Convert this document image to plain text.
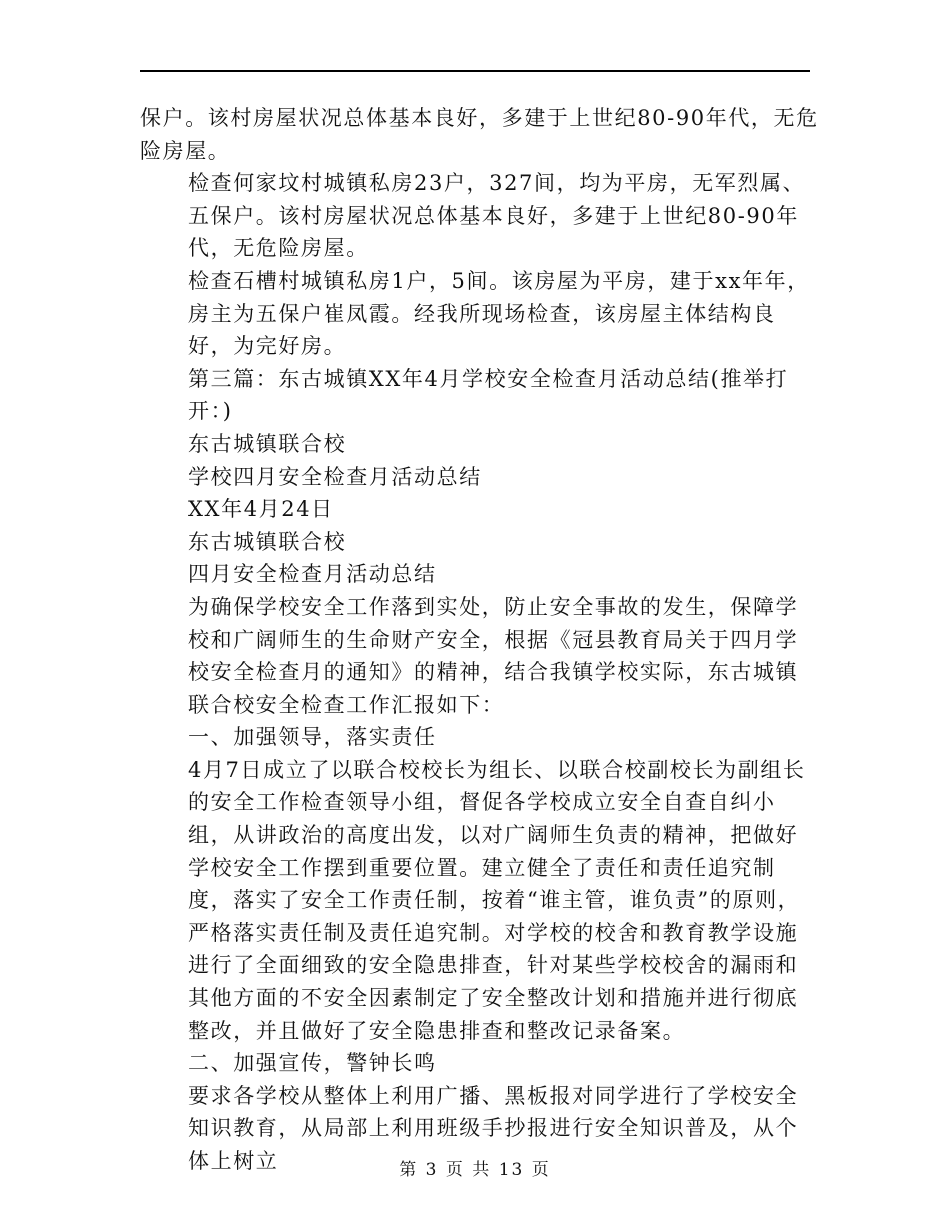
保户。该村房屋状况总体基本良好，多建于上世纪80-90年代，无危险房屋。

检查何家坟村城镇私房23户，327间，均为平房，无军烈属、五保户。该村房屋状况总体基本良好，多建于上世纪80-90年代，无危险房屋。

检查石槽村城镇私房1户，5间。该房屋为平房，建于xx年年，房主为五保户崔凤霞。经我所现场检查，该房屋主体结构良好，为完好房。

第三篇：东古城镇XX年4月学校安全检查月活动总结(推举打开：)

东古城镇联合校

学校四月安全检查月活动总结

XX年4月24日

东古城镇联合校

四月安全检查月活动总结

为确保学校安全工作落到实处，防止安全事故的发生，保障学校和广阔师生的生命财产安全，根据《冠县教育局关于四月学校安全检查月的通知》的精神，结合我镇学校实际，东古城镇联合校安全检查工作汇报如下：

一、加强领导，落实责任

4月7日成立了以联合校校长为组长、以联合校副校长为副组长的安全工作检查领导小组，督促各学校成立安全自查自纠小组，从讲政治的高度出发，以对广阔师生负责的精神，把做好学校安全工作摆到重要位置。建立健全了责任和责任追究制度，落实了安全工作责任制，按着“谁主管，谁负责”的原则，严格落实责任制及责任追究制。对学校的校舍和教育教学设施进行了全面细致的安全隐患排查，针对某些学校校舍的漏雨和其他方面的不安全因素制定了安全整改计划和措施并进行彻底整改，并且做好了安全隐患排查和整改记录备案。

二、加强宣传，警钟长鸣

要求各学校从整体上利用广播、黑板报对同学进行了学校安全知识教育，从局部上利用班级手抄报进行安全知识普及，从个体上树立	第 3 页 共 13 页
